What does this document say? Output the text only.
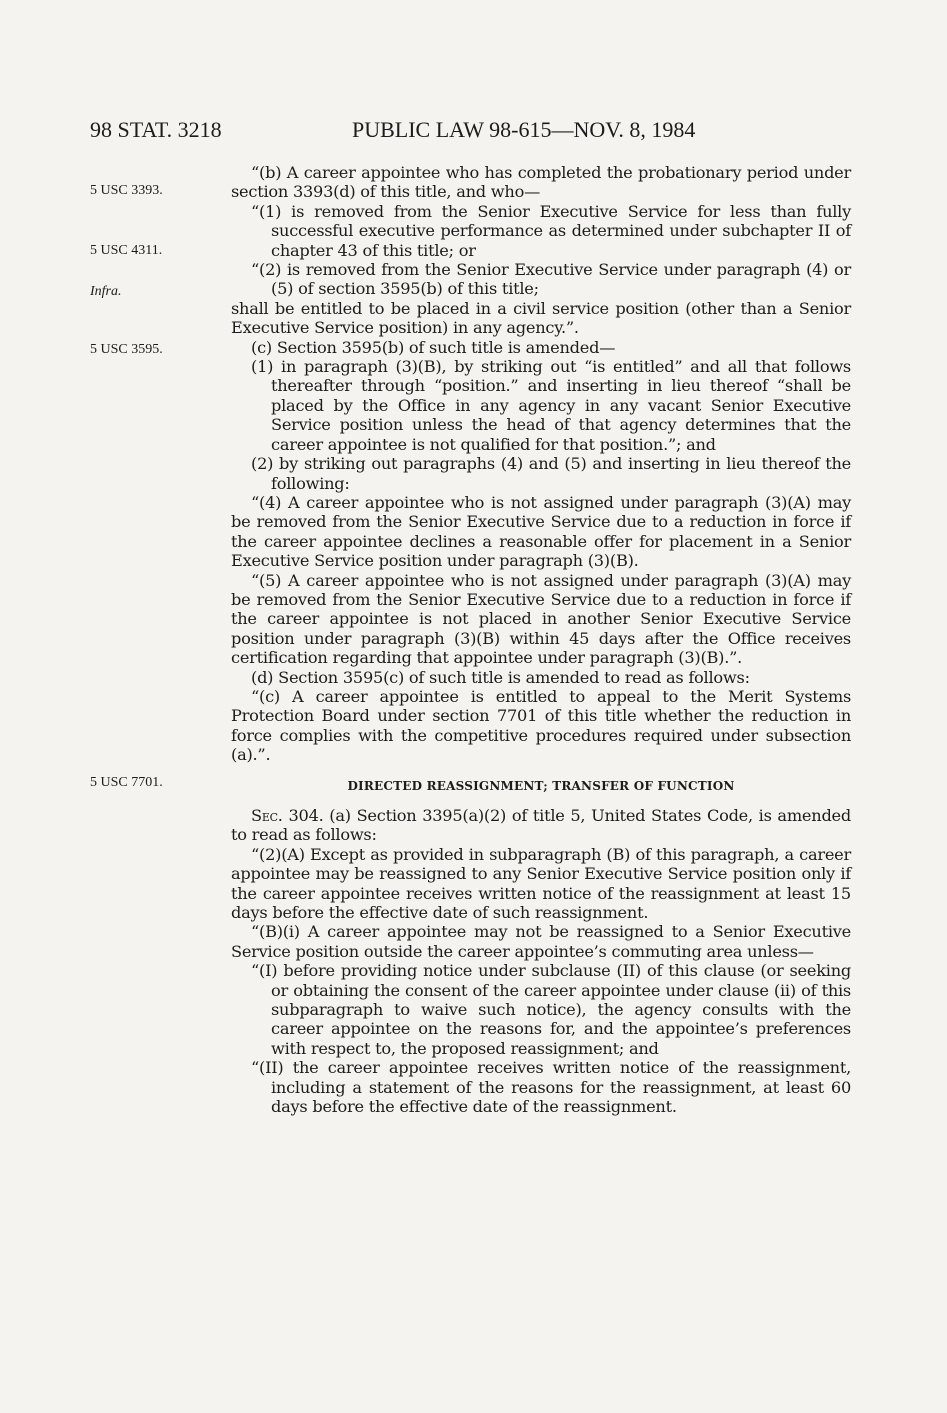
98 STAT. 3218	PUBLIC LAW 98-615—NOV. 8, 1984
5 USC 3393.
5 USC 4311.
Infra.
5 USC 3595.
5 USC 7701.

“(b) A career appointee who has completed the probationary period under section 3393(d) of this title, and who—

“(1) is removed from the Senior Executive Service for less than fully successful executive performance as determined under subchapter II of chapter 43 of this title; or

“(2) is removed from the Senior Executive Service under paragraph (4) or (5) of section 3595(b) of this title;

shall be entitled to be placed in a civil service position (other than a Senior Executive Service position) in any agency.”.

(c) Section 3595(b) of such title is amended—

(1) in paragraph (3)(B), by striking out “is entitled” and all that follows thereafter through “position.” and inserting in lieu thereof “shall be placed by the Office in any agency in any vacant Senior Executive Service position unless the head of that agency determines that the career appointee is not qualified for that position.”; and

(2) by striking out paragraphs (4) and (5) and inserting in lieu thereof the following:

“(4) A career appointee who is not assigned under paragraph (3)(A) may be removed from the Senior Executive Service due to a reduction in force if the career appointee declines a reasonable offer for placement in a Senior Executive Service position under paragraph (3)(B).

“(5) A career appointee who is not assigned under paragraph (3)(A) may be removed from the Senior Executive Service due to a reduction in force if the career appointee is not placed in another Senior Executive Service position under paragraph (3)(B) within 45 days after the Office receives certification regarding that appointee under paragraph (3)(B).”.

(d) Section 3595(c) of such title is amended to read as follows:

“(c) A career appointee is entitled to appeal to the Merit Systems Protection Board under section 7701 of this title whether the reduction in force complies with the competitive procedures required under subsection (a).”.

DIRECTED REASSIGNMENT; TRANSFER OF FUNCTION

Sec. 304. (a) Section 3395(a)(2) of title 5, United States Code, is amended to read as follows:

“(2)(A) Except as provided in subparagraph (B) of this paragraph, a career appointee may be reassigned to any Senior Executive Service position only if the career appointee receives written notice of the reassignment at least 15 days before the effective date of such reassignment.

“(B)(i) A career appointee may not be reassigned to a Senior Executive Service position outside the career appointee’s commuting area unless—

“(I) before providing notice under subclause (II) of this clause (or seeking or obtaining the consent of the career appointee under clause (ii) of this subparagraph to waive such notice), the agency consults with the career appointee on the reasons for, and the appointee’s preferences with respect to, the proposed reassignment; and

“(II) the career appointee receives written notice of the reassignment, including a statement of the reasons for the reassignment, at least 60 days before the effective date of the reassignment.
